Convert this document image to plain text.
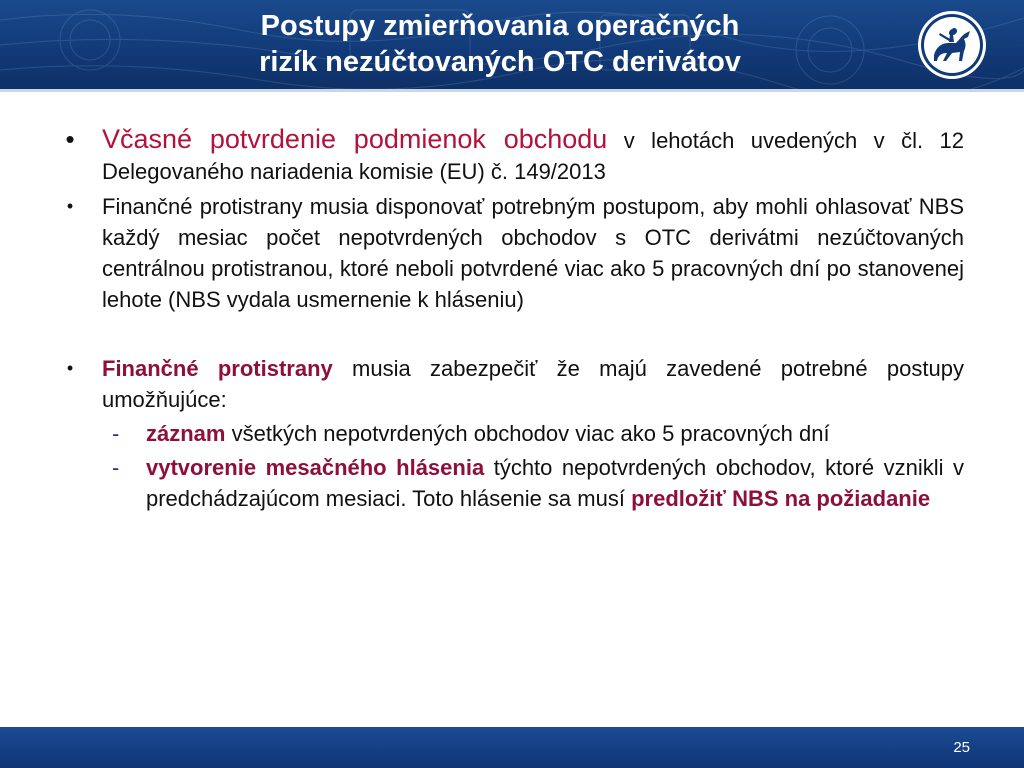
Postupy zmierňovania operačných
rizík nezúčtovaných OTC derivátov
• Včasné potvrdenie podmienok obchodu v lehotách uvedených v čl. 12 Delegovaného nariadenia komisie (EU) č. 149/2013
•	Finančné protistrany musia disponovať potrebným postupom, aby mohli ohlasovať NBS každý mesiac počet nepotvrdených obchodov s OTC derivátmi nezúčtovaných centrálnou protistranou, ktoré neboli potvrdené viac ako 5 pracovných dní po stanovenej lehote (NBS vydala usmernenie k hláseniu)
•	Finančné protistrany musia zabezpečiť že majú zavedené potrebné postupy umožňujúce:
- záznam všetkých nepotvrdených obchodov viac ako 5 pracovných dní
- vytvorenie mesačného hlásenia týchto nepotvrdených obchodov, ktoré vznikli v predchádzajúcom mesiaci. Toto hlásenie sa musí predložiť NBS na požiadanie
25
